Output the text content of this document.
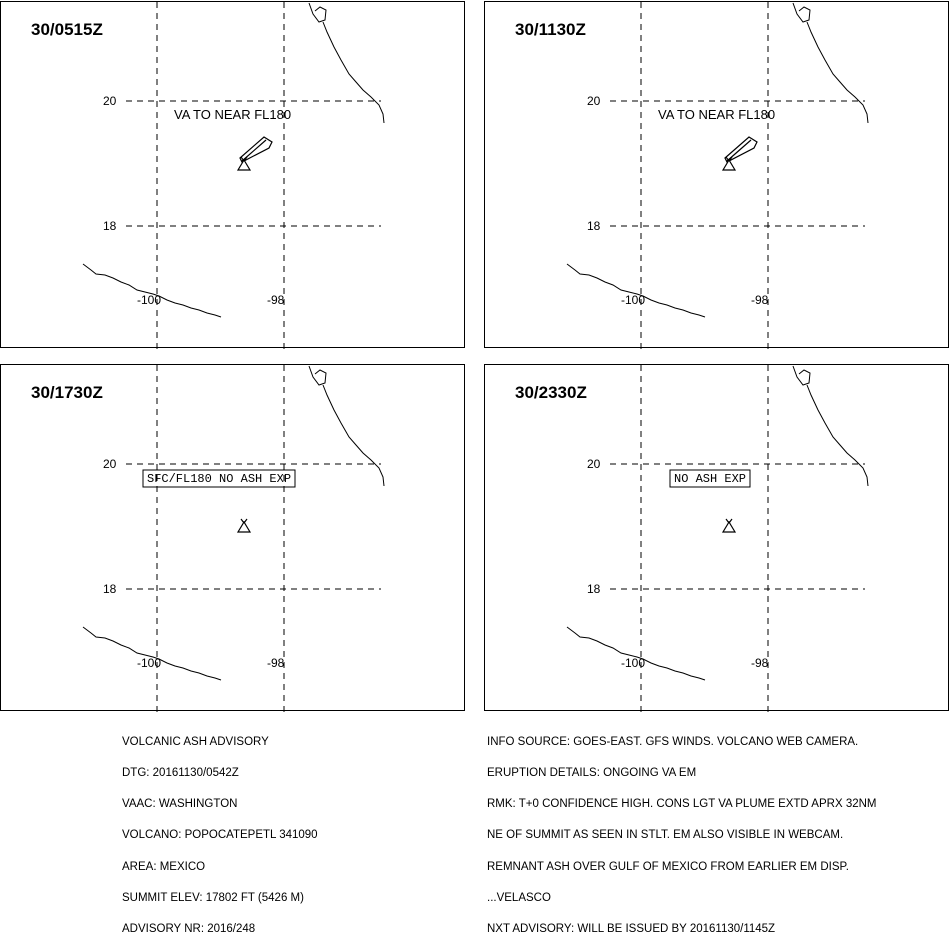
30/0515Z
20
18
-100	-98
VA TO NEAR FL180
30/1130Z
20
18
-100	-98
VA TO NEAR FL180
30/1730Z
20
18
-100	-98
SFC/FL180 NO ASH EXP
30/2330Z
20
18
-100	-98
NO ASH EXP

VOLCANIC ASH ADVISORY

DTG: 20161130/0542Z

VAAC: WASHINGTON

VOLCANO: POPOCATEPETL 341090

AREA: MEXICO

SUMMIT ELEV: 17802 FT (5426 M)

ADVISORY NR: 2016/248

INFO SOURCE: GOES-EAST. GFS WINDS. VOLCANO WEB CAMERA.

ERUPTION DETAILS: ONGOING VA EM

RMK: T+0 CONFIDENCE HIGH. CONS LGT VA PLUME EXTD APRX 32NM

NE OF SUMMIT AS SEEN IN STLT. EM ALSO VISIBLE IN WEBCAM.

REMNANT ASH OVER GULF OF MEXICO FROM EARLIER EM DISP.

...VELASCO

NXT ADVISORY: WILL BE ISSUED BY 20161130/1145Z
